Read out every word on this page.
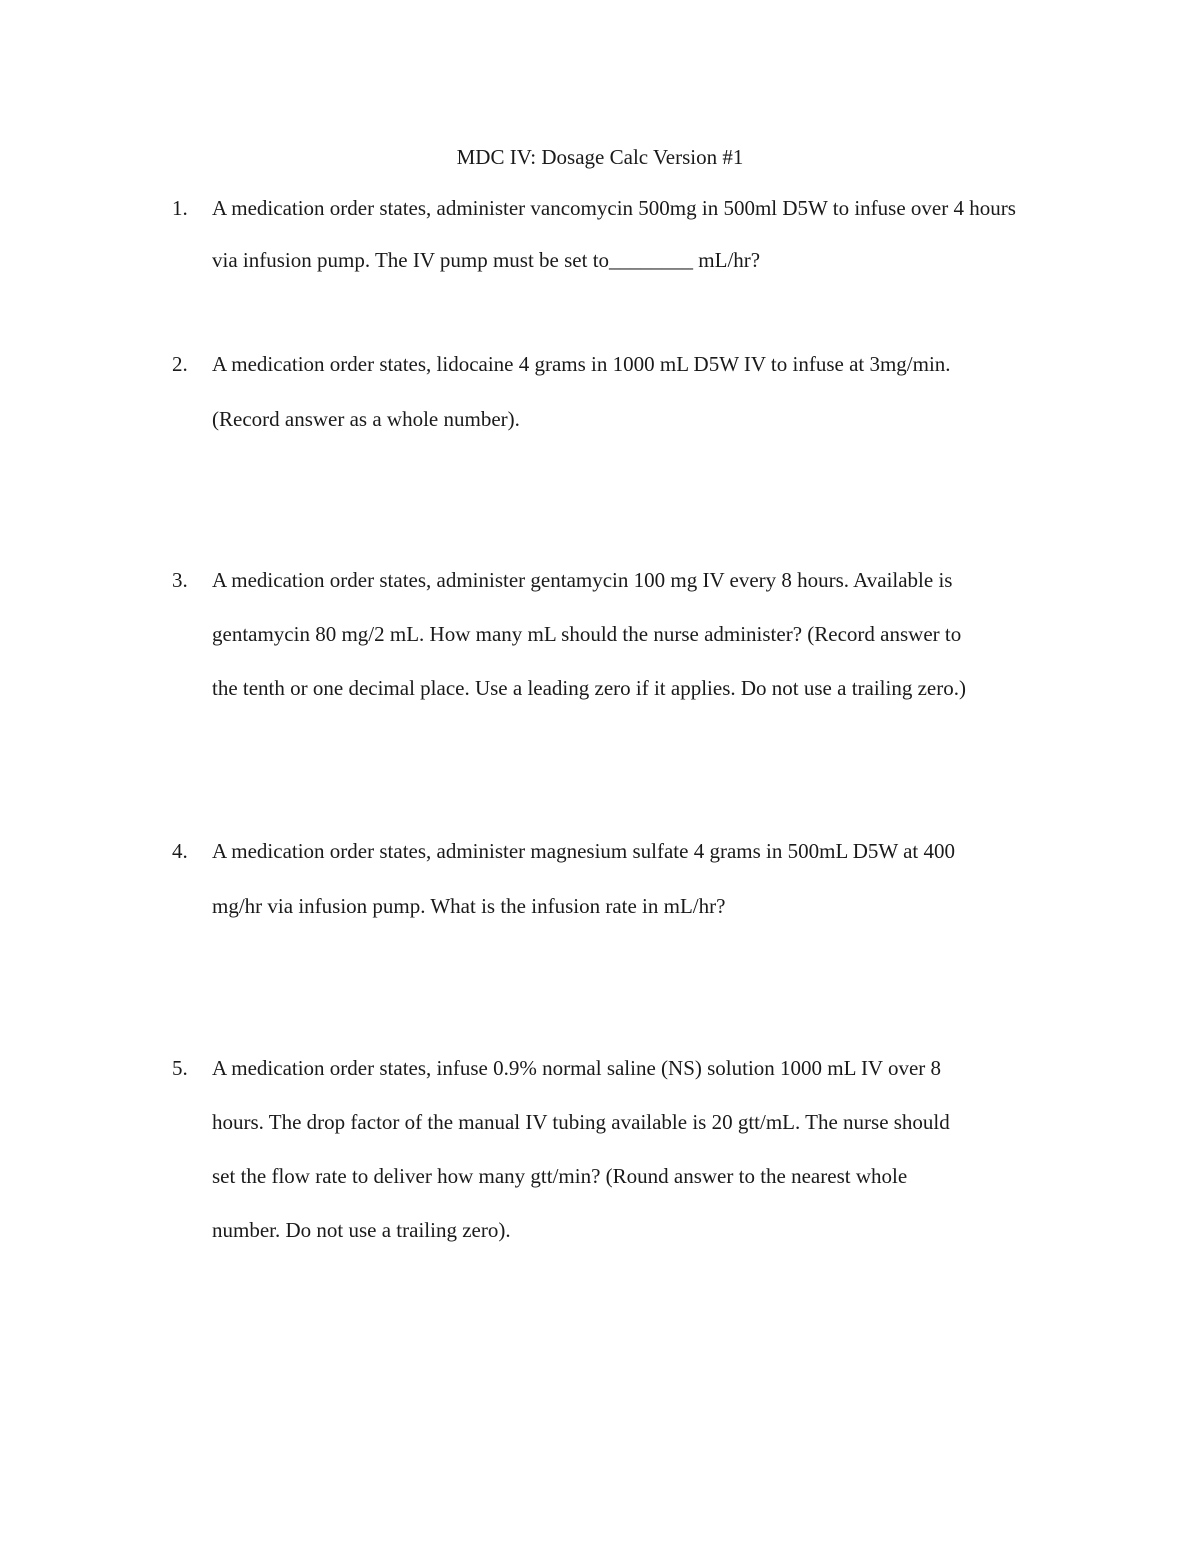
MDC IV: Dosage Calc Version #1
1.	A medication order states, administer vancomycin 500mg in 500ml D5W to infuse over 4 hours
via infusion pump. The IV pump must be set to________ mL/hr?
2.	A medication order states, lidocaine 4 grams in 1000 mL D5W IV to infuse at 3mg/min.
(Record answer as a whole number).
3.	A medication order states, administer gentamycin 100 mg IV every 8 hours. Available is
gentamycin 80 mg/2 mL. How many mL should the nurse administer? (Record answer to
the tenth or one decimal place. Use a leading zero if it applies. Do not use a trailing zero.)
4.	A medication order states, administer magnesium sulfate 4 grams in 500mL D5W at 400
mg/hr via infusion pump. What is the infusion rate in mL/hr?
5.	A medication order states, infuse 0.9% normal saline (NS) solution 1000 mL IV over 8
hours. The drop factor of the manual IV tubing available is 20 gtt/mL. The nurse should
set the flow rate to deliver how many gtt/min? (Round answer to the nearest whole
number. Do not use a trailing zero).
